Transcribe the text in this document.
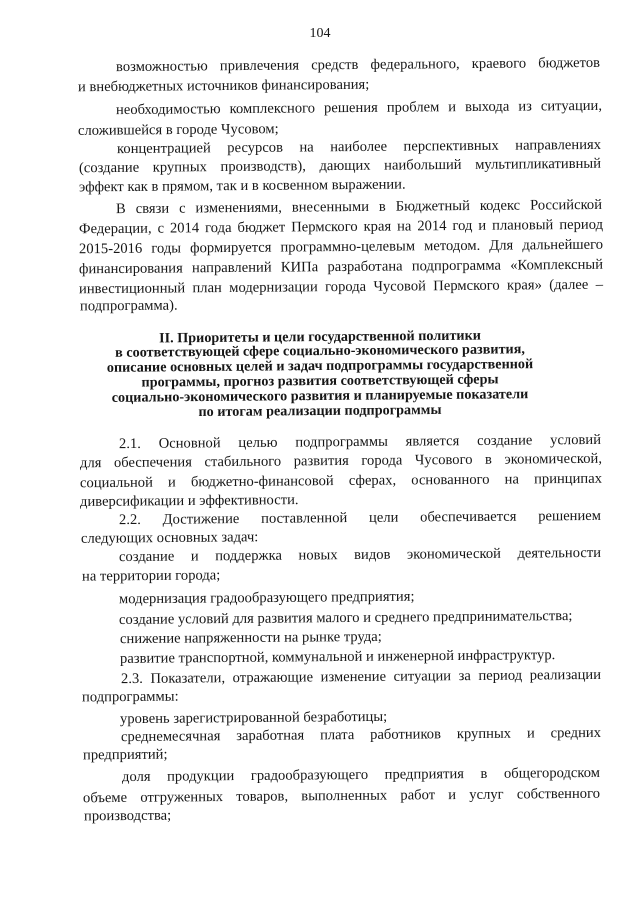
104
возможностью привлечения средств федерального, краевого бюджетов
и внебюджетных источников финансирования;
необходимостью комплексного решения проблем и выхода из ситуации,
сложившейся в городе Чусовом;
концентрацией ресурсов на наиболее перспективных направлениях
(создание крупных производств), дающих наибольший мультипликативный
эффект как в прямом, так и в косвенном выражении.
В связи с изменениями, внесенными в Бюджетный кодекс Российской
Федерации, с 2014 года бюджет Пермского края на 2014 год и плановый период
2015-2016 годы формируется программно-целевым методом. Для дальнейшего
финансирования направлений КИПа разработана подпрограмма «Комплексный
инвестиционный план модернизации города Чусовой Пермского края» (далее –
подпрограмма).
II. Приоритеты и цели государственной политики
в соответствующей сфере социально-экономического развития,
описание основных целей и задач подпрограммы государственной
программы, прогноз развития соответствующей сферы
социально-экономического развития и планируемые показатели
по итогам реализации подпрограммы
2.1. Основной целью подпрограммы является создание условий
для обеспечения стабильного развития города Чусового в экономической,
социальной и бюджетно-финансовой сферах, основанного на принципах
диверсификации и эффективности.
2.2. Достижение поставленной цели обеспечивается решением
следующих основных задач:
создание и поддержка новых видов экономической деятельности
на территории города;
модернизация градообразующего предприятия;
создание условий для развития малого и среднего предпринимательства;
снижение напряженности на рынке труда;
развитие транспортной, коммунальной и инженерной инфраструктур.
2.3. Показатели, отражающие изменение ситуации за период реализации
подпрограммы:
уровень зарегистрированной безработицы;
среднемесячная заработная плата работников крупных и средних
предприятий;
доля продукции градообразующего предприятия в общегородском
объеме отгруженных товаров, выполненных работ и услуг собственного
производства;
